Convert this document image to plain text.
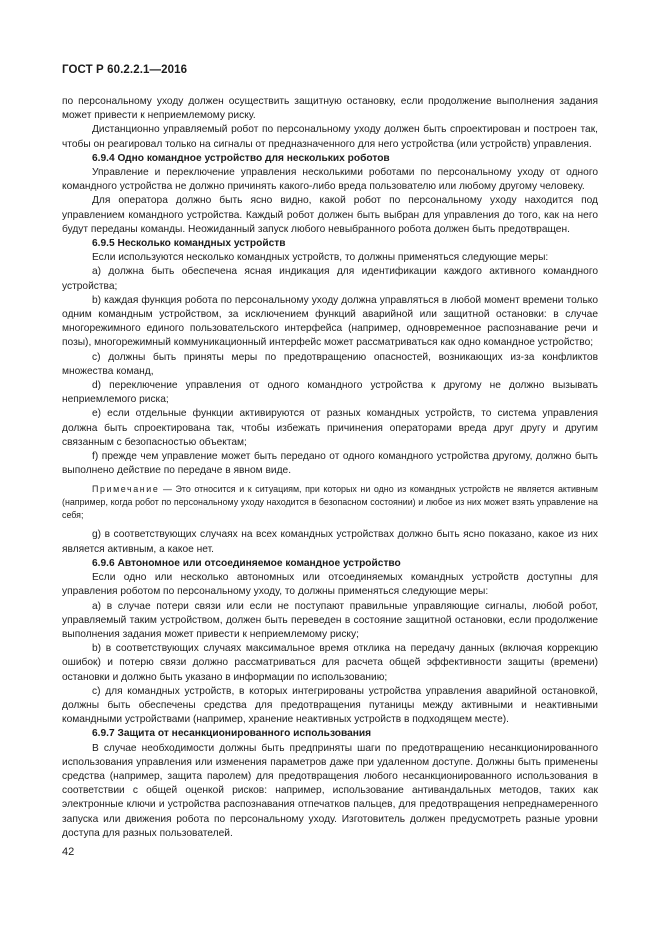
ГОСТ Р 60.2.2.1—2016

по персональному уходу должен осуществить защитную остановку, если продолжение выполнения задания может привести к неприемлемому риску.

Дистанционно управляемый робот по персональному уходу должен быть спроектирован и построен так, чтобы он реагировал только на сигналы от предназначенного для него устройства (или устройств) управления.

6.9.4 Одно командное устройство для нескольких роботов

Управление и переключение управления несколькими роботами по персональному уходу от одного командного устройства не должно причинять какого-либо вреда пользователю или любому другому человеку.

Для оператора должно быть ясно видно, какой робот по персональному уходу находится под управлением командного устройства. Каждый робот должен быть выбран для управления до того, как на него будут переданы команды. Неожиданный запуск любого невыбранного робота должен быть предотвращен.

6.9.5 Несколько командных устройств

Если используются несколько командных устройств, то должны применяться следующие меры:

а) должна быть обеспечена ясная индикация для идентификации каждого активного командного устройства;

b) каждая функция робота по персональному уходу должна управляться в любой момент времени только одним командным устройством, за исключением функций аварийной или защитной остановки: в случае многорежимного единого пользовательского интерфейса (например, одновременное распознавание речи и позы), многорежимный коммуникационный интерфейс может рассматриваться как одно командное устройство;

с) должны быть приняты меры по предотвращению опасностей, возникающих из-за конфликтов множества команд,

d) переключение управления от одного командного устройства к другому не должно вызывать неприемлемого риска;

е) если отдельные функции активируются от разных командных устройств, то система управления должна быть спроектирована так, чтобы избежать причинения операторами вреда друг другу и другим связанным с безопасностью объектам;

f) прежде чем управление может быть передано от одного командного устройства другому, должно быть выполнено действие по передаче в явном виде.

Примечание — Это относится и к ситуациям, при которых ни одно из командных устройств не является активным (например, когда робот по персональному уходу находится в безопасном состоянии) и любое из них может взять управление на себя;

g) в соответствующих случаях на всех командных устройствах должно быть ясно показано, какое из них является активным, а какое нет.

6.9.6 Автономное или отсоединяемое командное устройство

Если одно или несколько автономных или отсоединяемых командных устройств доступны для управления роботом по персональному уходу, то должны применяться следующие меры:

а) в случае потери связи или если не поступают правильные управляющие сигналы, любой робот, управляемый таким устройством, должен быть переведен в состояние защитной остановки, если продолжение выполнения задания может привести к неприемлемому риску;

b) в соответствующих случаях максимальное время отклика на передачу данных (включая коррекцию ошибок) и потерю связи должно рассматриваться для расчета общей эффективности защиты (времени) остановки и должно быть указано в информации по использованию;

с) для командных устройств, в которых интегрированы устройства управления аварийной остановкой, должны быть обеспечены средства для предотвращения путаницы между активными и неактивными командными устройствами (например, хранение неактивных устройств в подходящем месте).

6.9.7 Защита от несанкционированного использования

В случае необходимости должны быть предприняты шаги по предотвращению несанкционированного использования управления или изменения параметров даже при удаленном доступе. Должны быть применены средства (например, защита паролем) для предотвращения любого несанкционированного использования в соответствии с общей оценкой рисков: например, использование антивандальных методов, таких как электронные ключи и устройства распознавания отпечатков пальцев, для предотвращения непреднамеренного запуска или движения робота по персональному уходу. Изготовитель должен предусмотреть разные уровни доступа для разных пользователей.

42
